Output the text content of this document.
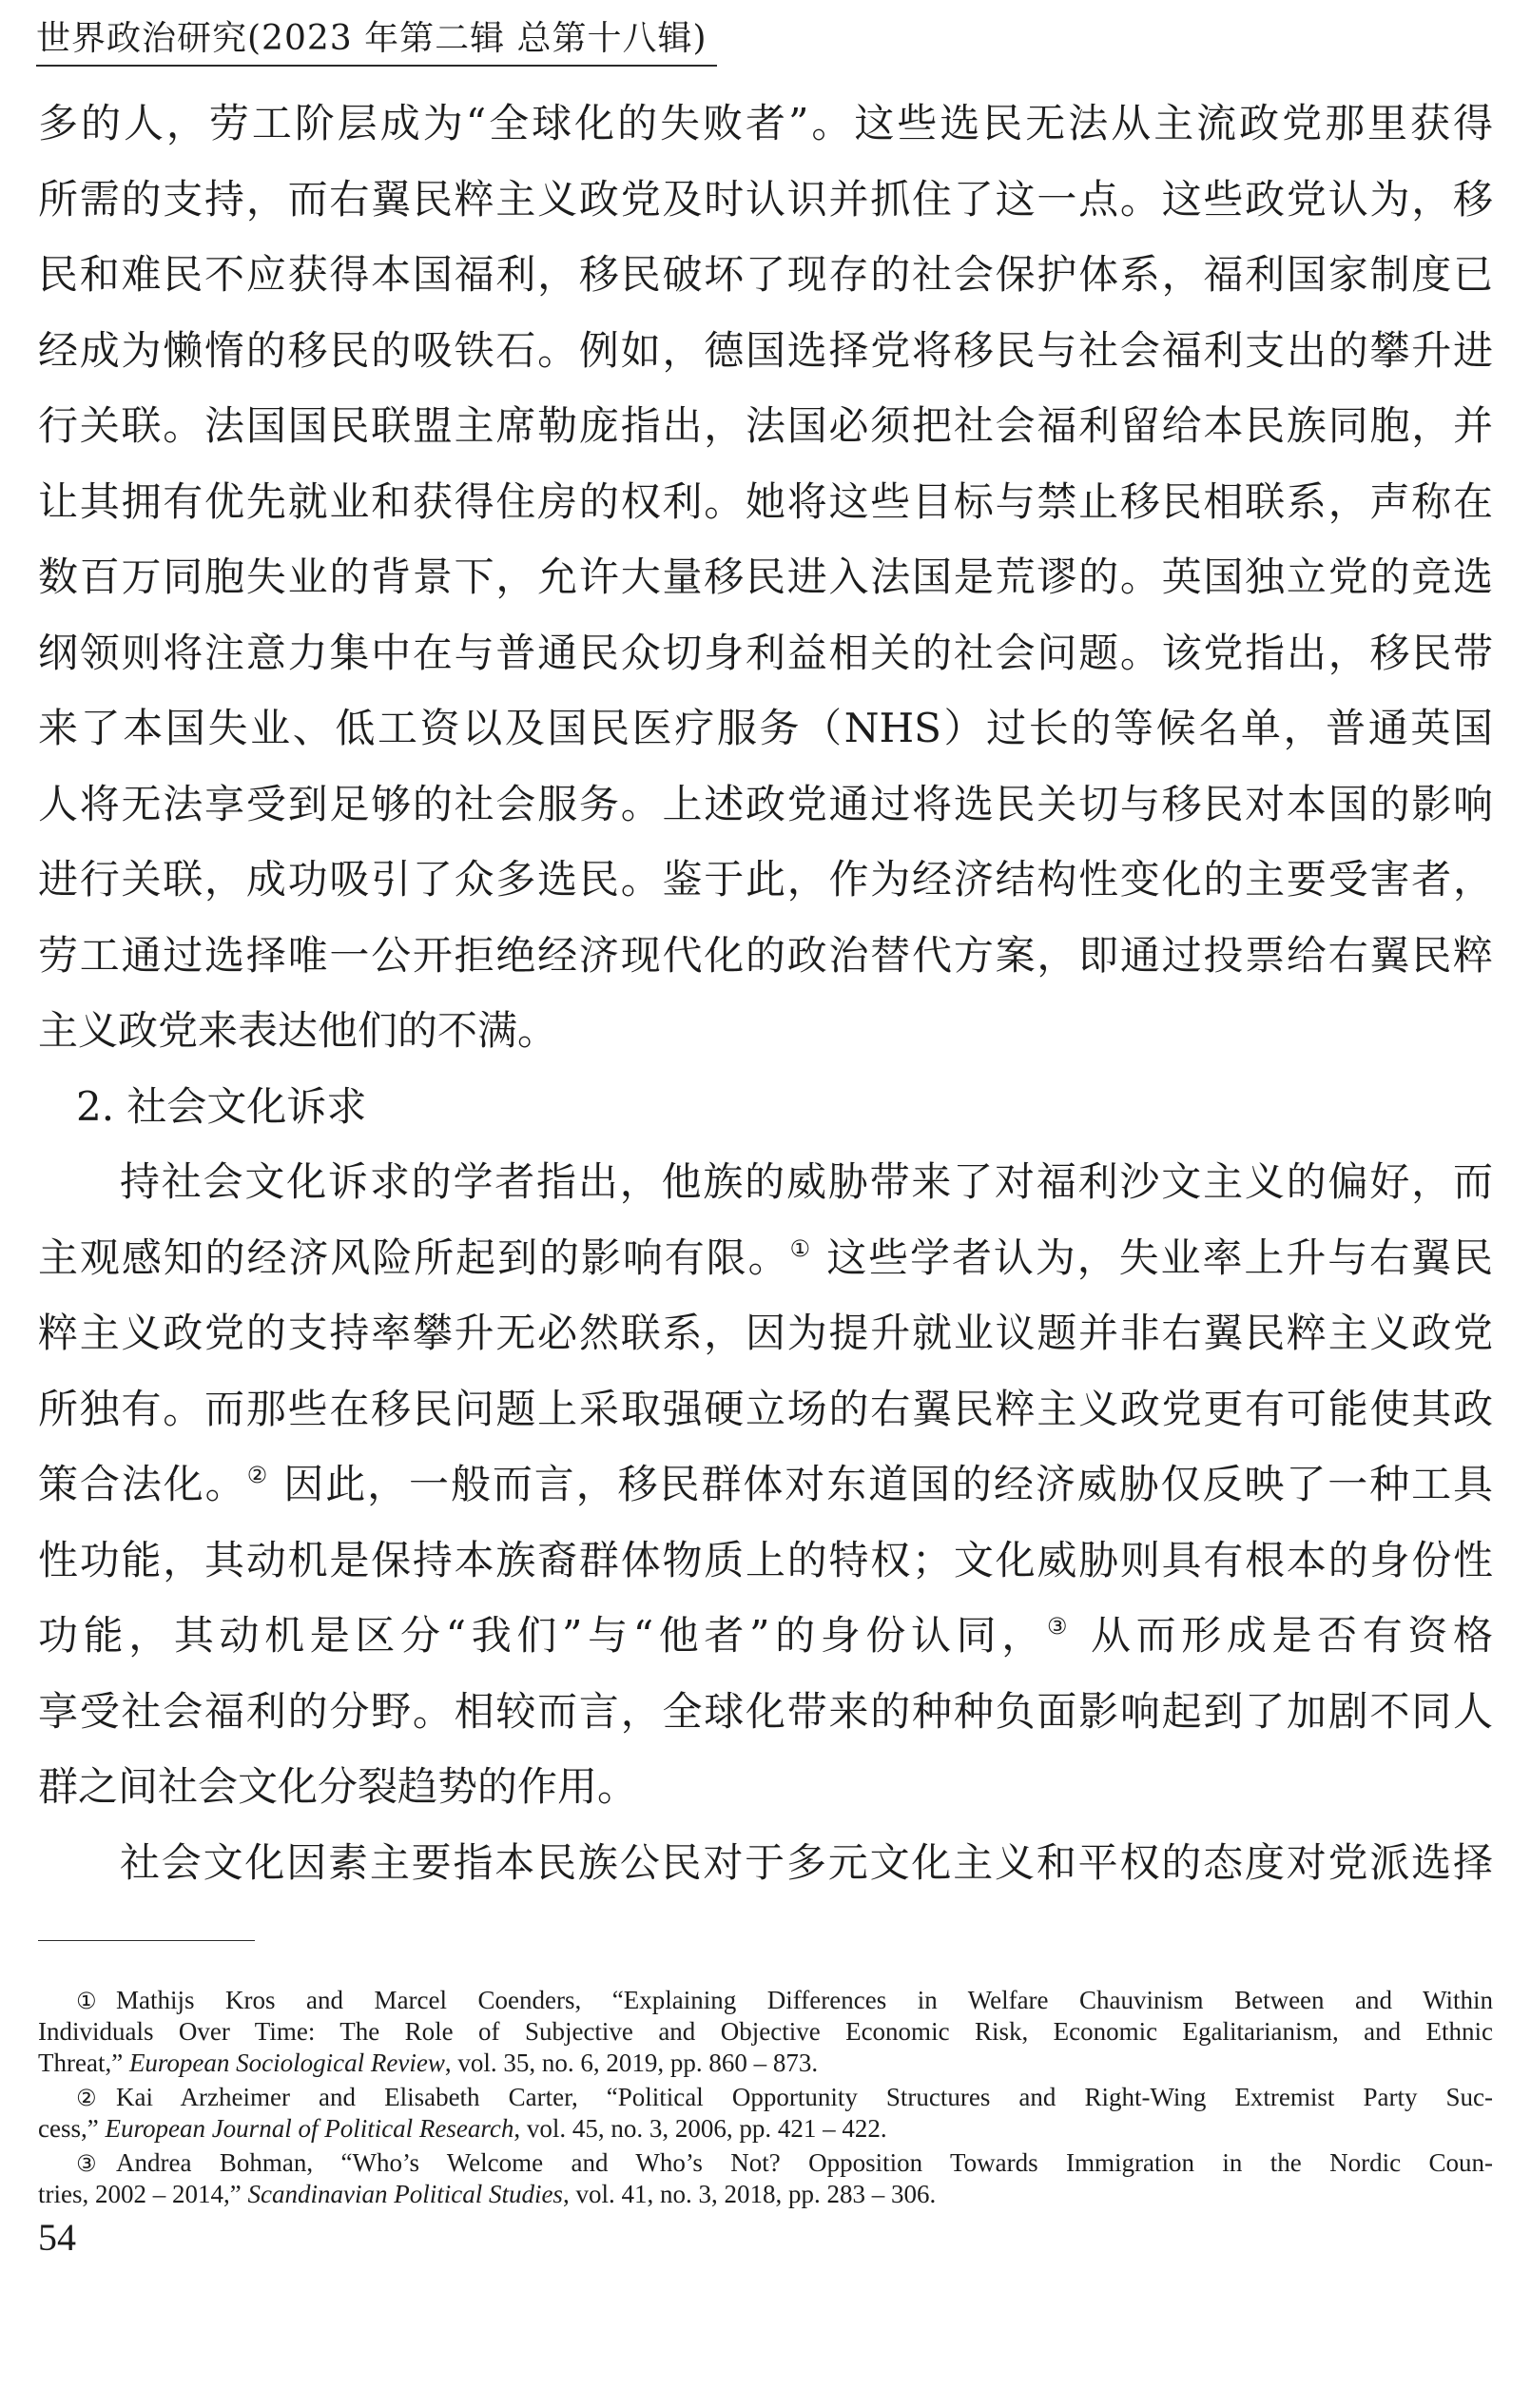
世界政治研究(2023 年第二辑 总第十八辑)
多的人，劳工阶层成为“全球化的失败者”。这些选民无法从主流政党那里获得
所需的支持，而右翼民粹主义政党及时认识并抓住了这一点。这些政党认为，移
民和难民不应获得本国福利，移民破坏了现存的社会保护体系，福利国家制度已
经成为懒惰的移民的吸铁石。例如，德国选择党将移民与社会福利支出的攀升进
行关联。法国国民联盟主席勒庞指出，法国必须把社会福利留给本民族同胞，并
让其拥有优先就业和获得住房的权利。她将这些目标与禁止移民相联系，声称在
数百万同胞失业的背景下，允许大量移民进入法国是荒谬的。英国独立党的竞选
纲领则将注意力集中在与普通民众切身利益相关的社会问题。该党指出，移民带
来了本国失业、低工资以及国民医疗服务（NHS）过长的等候名单，普通英国
人将无法享受到足够的社会服务。上述政党通过将选民关切与移民对本国的影响
进行关联，成功吸引了众多选民。鉴于此，作为经济结构性变化的主要受害者，
劳工通过选择唯一公开拒绝经济现代化的政治替代方案，即通过投票给右翼民粹
主义政党来表达他们的不满。
2. 社会文化诉求
持社会文化诉求的学者指出，他族的威胁带来了对福利沙文主义的偏好，而
主观感知的经济风险所起到的影响有限。① 这些学者认为，失业率上升与右翼民
粹主义政党的支持率攀升无必然联系，因为提升就业议题并非右翼民粹主义政党
所独有。而那些在移民问题上采取强硬立场的右翼民粹主义政党更有可能使其政
策合法化。② 因此，一般而言，移民群体对东道国的经济威胁仅反映了一种工具
性功能，其动机是保持本族裔群体物质上的特权；文化威胁则具有根本的身份性
功能，其动机是区分“我们”与“他者”的身份认同，③ 从而形成是否有资格
享受社会福利的分野。相较而言，全球化带来的种种负面影响起到了加剧不同人
群之间社会文化分裂趋势的作用。
社会文化因素主要指本民族公民对于多元文化主义和平权的态度对党派选择
① Mathijs Kros and Marcel Coenders, “Explaining Differences in Welfare Chauvinism Between and Within
Individuals Over Time: The Role of Subjective and Objective Economic Risk, Economic Egalitarianism, and Ethnic
Threat,” European Sociological Review, vol. 35, no. 6, 2019, pp. 860 – 873.
② Kai Arzheimer and Elisabeth Carter, “Political Opportunity Structures and Right-Wing Extremist Party Suc-
cess,” European Journal of Political Research, vol. 45, no. 3, 2006, pp. 421 – 422.
③ Andrea Bohman, “Who’s Welcome and Who’s Not? Opposition Towards Immigration in the Nordic Coun-
tries, 2002 – 2014,” Scandinavian Political Studies, vol. 41, no. 3, 2018, pp. 283 – 306.
54
